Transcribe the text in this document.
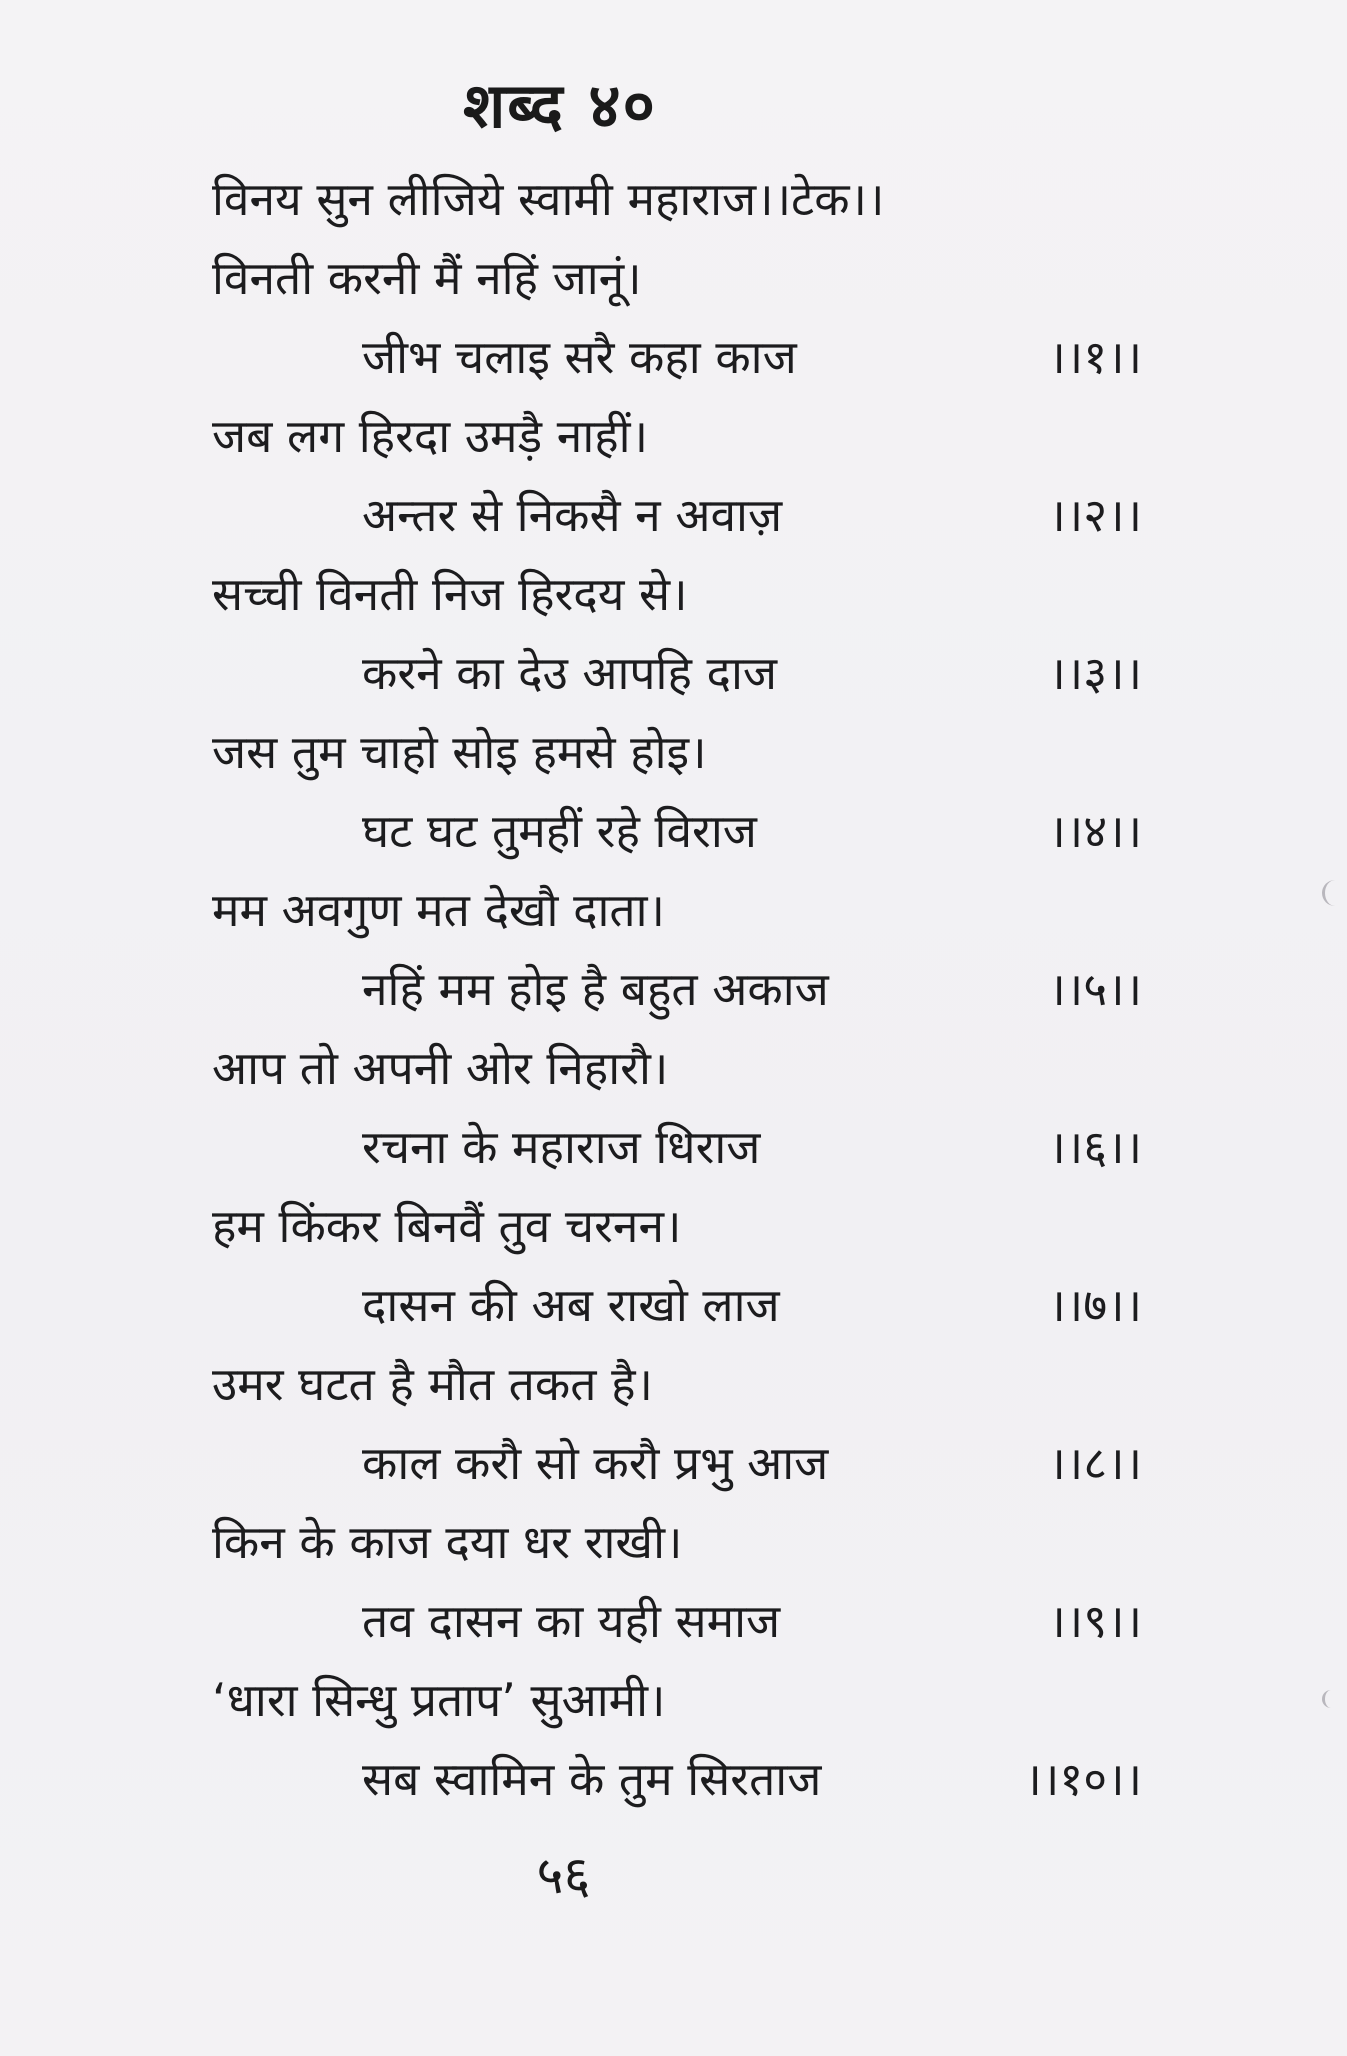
शब्द ४०
विनय सुन लीजिये स्वामी महाराज।।टेक।।
विनती करनी मैं नहिं जानूं।
जीभ चलाइ सरै कहा काज	।।१।।
जब लग हिरदा उमड़ै नाहीं।
अन्तर से निकसै न अवाज़	।।२।।
सच्ची विनती निज हिरदय से।
करने का देउ आपहि दाज	।।३।।
जस तुम चाहो सोइ हमसे होइ।
घट घट तुमहीं रहे विराज	।।४।।
मम अवगुण मत देखौ दाता।
नहिं मम होइ है बहुत अकाज	।।५।।
आप तो अपनी ओर निहारौ।
रचना के महाराज धिराज	।।६।।
हम किंकर बिनवैं तुव चरनन।
दासन की अब राखो लाज	।।७।।
उमर घटत है मौत तकत है।
काल करौ सो करौ प्रभु आज	।।८।।
किन के काज दया धर राखी।
तव दासन का यही समाज	।।९।।
‘धारा सिन्धु प्रताप’ सुआमी।
सब स्वामिन के तुम सिरताज	।।१०।।
५६
